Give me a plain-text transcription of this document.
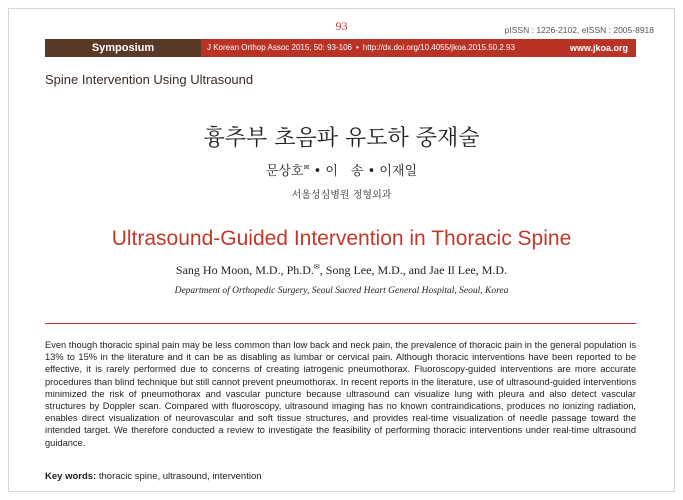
93	pISSN : 1226-2102, eISSN : 2005-8918
Symposium	J Korean Orthop Assoc 2015; 50: 93-106 • http://dx.doi.org/10.4055/jkoa.2015.50.2.93	www.jkoa.org
Spine Intervention Using Ultrasound
흉추부 초음파 유도하 중재술
문상호✉ • 이　송 • 이재일
서울성심병원 정형외과
Ultrasound-Guided Intervention in Thoracic Spine
Sang Ho Moon, M.D., Ph.D.✉, Song Lee, M.D., and Jae Il Lee, M.D.
Department of Orthopedic Surgery, Seoul Sacred Heart General Hospital, Seoul, Korea

Even though thoracic spinal pain may be less common than low back and neck pain, the prevalence of thoracic pain in the general population is 13% to 15% in the literature and it can be as disabling as lumbar or cervical pain. Although thoracic interventions have been reported to be effective, it is rarely performed due to concerns of creating iatrogenic pneumothorax. Fluoroscopy-guided interventions are more accurate procedures than blind technique but still cannot prevent pneumothorax. In recent reports in the literature, use of ultrasound-guided interventions minimized the risk of pneumothorax and vascular puncture because ultrasound can visualize lung with pleura and also detect vascular structures by Doppler scan. Compared with fluoroscopy, ultrasound imaging has no known contraindications, produces no ionizing radiation, enables direct visualization of neurovascular and soft tissue structures, and provides real-time visualization of needle passage toward the intended target. We therefore conducted a review to investigate the feasibility of performing thoracic interventions under real-time ultrasound guidance.

Key words: thoracic spine, ultrasound, intervention
